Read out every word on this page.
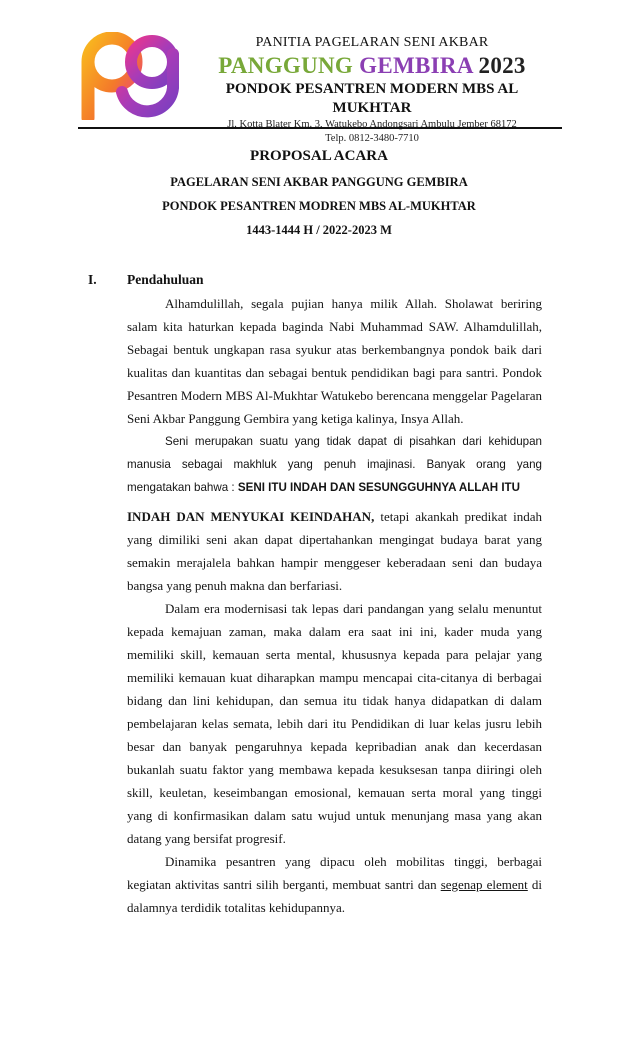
PANITIA PAGELARAN SENI AKBAR
PANGGUNG GEMBIRA 2023
PONDOK PESANTREN MODERN MBS AL MUKHTAR
Jl. Kotta Blater Km. 3, Watukebo Andongsari Ambulu Jember 68172
Telp. 0812-3480-7710
PROPOSAL ACARA
PAGELARAN SENI AKBAR PANGGUNG GEMBIRA
PONDOK PESANTREN MODREN MBS AL-MUKHTAR
1443-1444 H / 2022-2023 M
I. Pendahuluan

Alhamdulillah, segala pujian hanya milik Allah. Sholawat beriring salam kita haturkan kepada baginda Nabi Muhammad SAW. Alhamdulillah, Sebagai bentuk ungkapan rasa syukur atas berkembangnya pondok baik dari kualitas dan kuantitas dan sebagai bentuk pendidikan bagi para santri. Pondok Pesantren Modern MBS Al-Mukhtar Watukebo berencana menggelar Pagelaran Seni Akbar Panggung Gembira yang ketiga kalinya, Insya Allah.

Seni merupakan suatu yang tidak dapat di pisahkan dari kehidupan manusia sebagai makhluk yang penuh imajinasi. Banyak orang yang mengatakan bahwa : SENI ITU INDAH DAN SESUNGGUHNYA ALLAH ITU

INDAH DAN MENYUKAI KEINDAHAN, tetapi akankah predikat indah yang dimiliki seni akan dapat dipertahankan mengingat budaya barat yang semakin merajalela bahkan hampir menggeser keberadaan seni dan budaya bangsa yang penuh makna dan berfariasi.

Dalam era modernisasi tak lepas dari pandangan yang selalu menuntut kepada kemajuan zaman, maka dalam era saat ini ini, kader muda yang memiliki skill, kemauan serta mental, khususnya kepada para pelajar yang memiliki kemauan kuat diharapkan mampu mencapai cita-citanya di berbagai bidang dan lini kehidupan, dan semua itu tidak hanya didapatkan di dalam pembelajaran kelas semata, lebih dari itu Pendidikan di luar kelas jusru lebih besar dan banyak pengaruhnya kepada kepribadian anak dan kecerdasan bukanlah suatu faktor yang membawa kepada kesuksesan tanpa diiringi oleh skill, keuletan, keseimbangan emosional, kemauan serta moral yang tinggi yang di konfirmasikan dalam satu wujud untuk menunjang masa yang akan datang yang bersifat progresif.

Dinamika pesantren yang dipacu oleh mobilitas tinggi, berbagai kegiatan aktivitas santri silih berganti, membuat santri dan segenap element di dalamnya terdidik totalitas kehidupannya.
